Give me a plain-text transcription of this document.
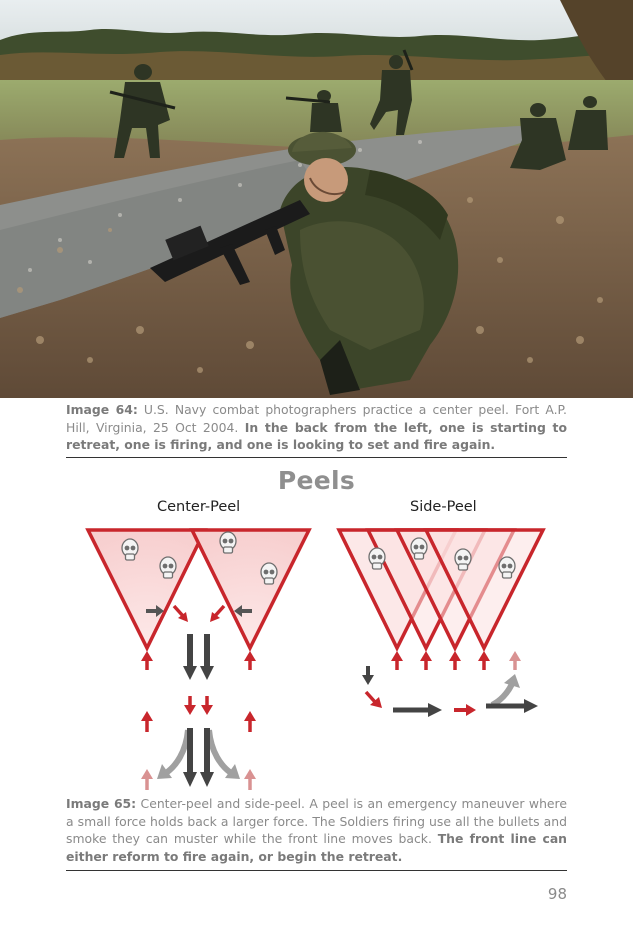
Image 64: U.S. Navy combat photographers practice a center peel. Fort A.P. Hill, Virginia, 25 Oct 2004. In the back from the left, one is starting to retreat, one is firing, and one is looking to set and fire again.
Peels
Center-Peel	Side-Peel
Image 65: Center-peel and side-peel. A peel is an emergency maneuver where a small force holds back a larger force. The Soldiers firing use all the bullets and smoke they can muster while the front line moves back. The front line can either reform to fire again, or begin the retreat.
98
